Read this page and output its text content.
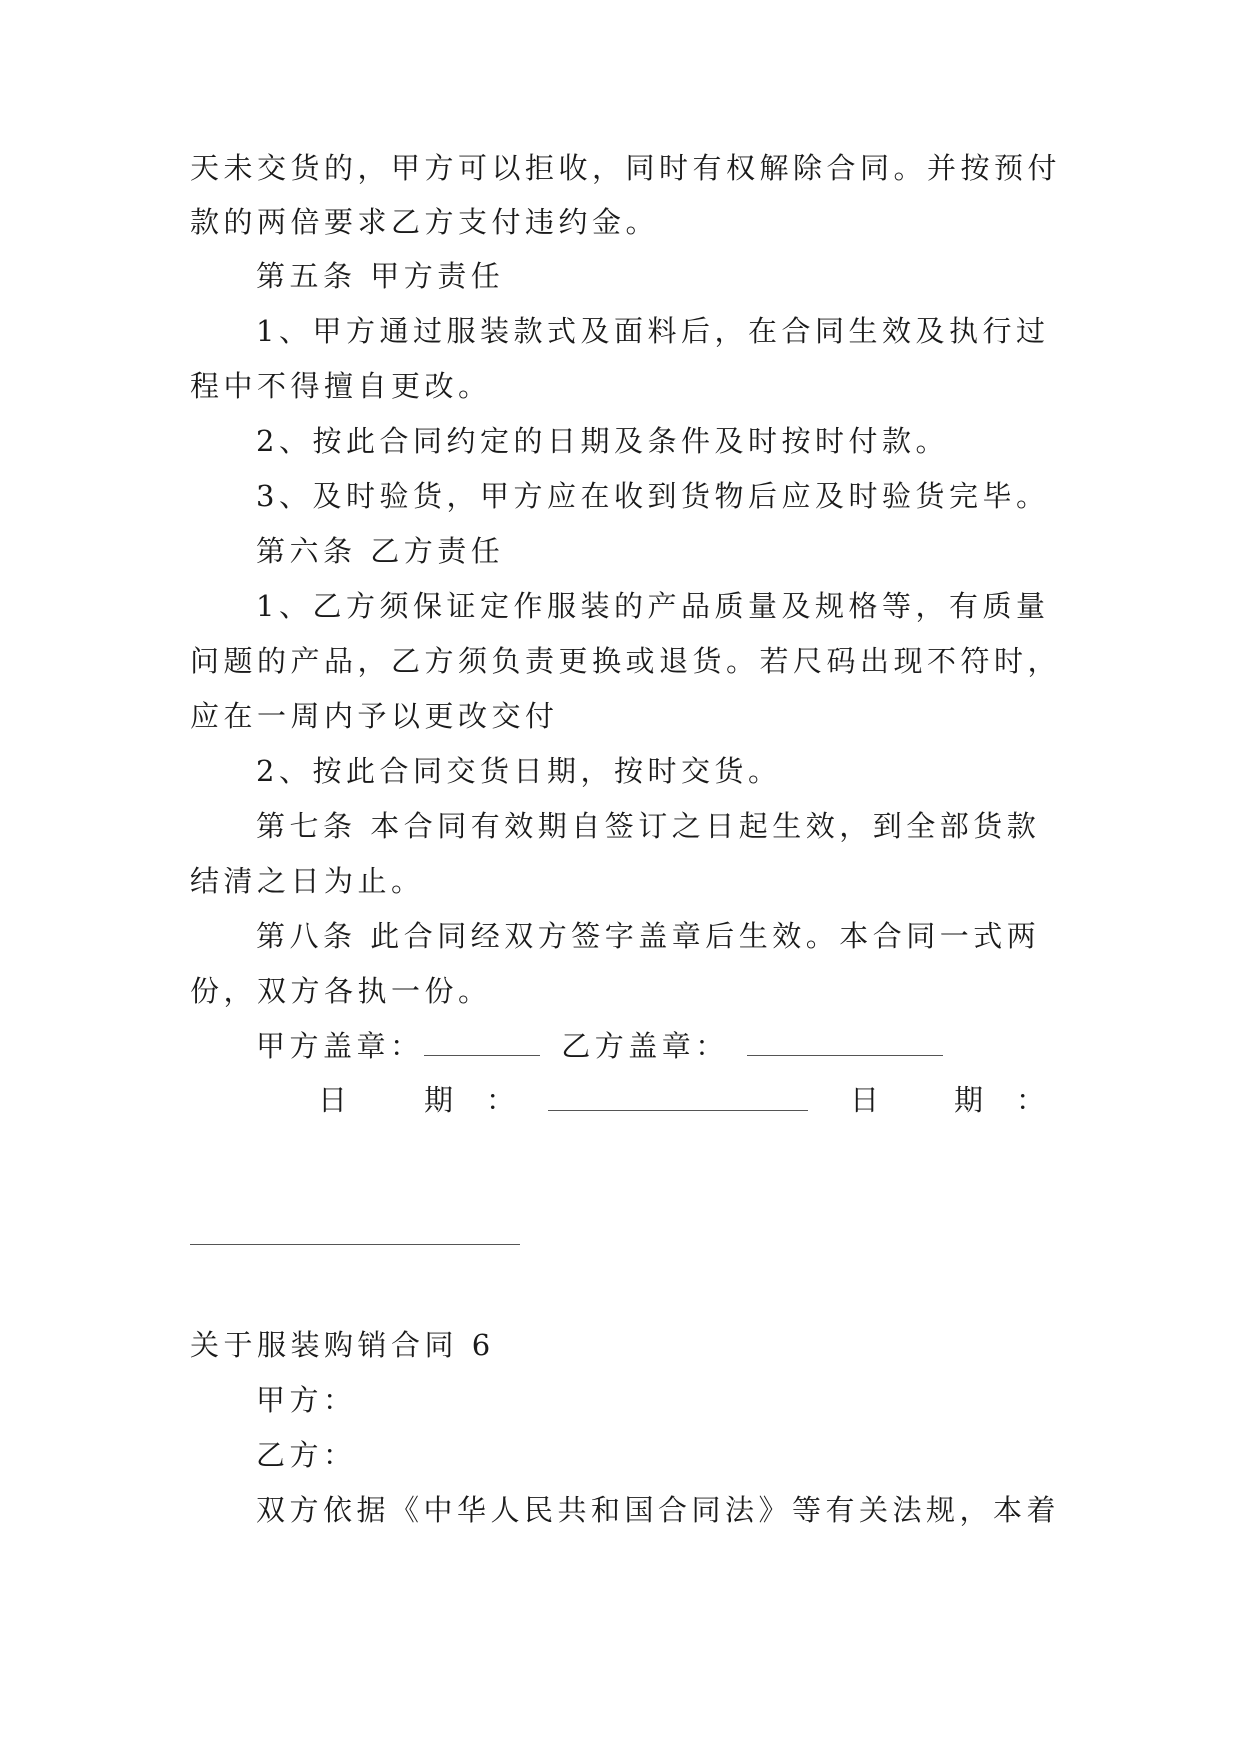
天未交货的，甲方可以拒收，同时有权解除合同。并按预付
款的两倍要求乙方支付违约金。
第五条 甲方责任
1、甲方通过服装款式及面料后，在合同生效及执行过
程中不得擅自更改。
2、按此合同约定的日期及条件及时按时付款。
3、及时验货，甲方应在收到货物后应及时验货完毕。
第六条 乙方责任
1、乙方须保证定作服装的产品质量及规格等，有质量
问题的产品，乙方须负责更换或退货。若尺码出现不符时，
应在一周内予以更改交付
2、按此合同交货日期，按时交货。
第七条 本合同有效期自签订之日起生效，到全部货款
结清之日为止。
第八条 此合同经双方签字盖章后生效。本合同一式两
份，双方各执一份。
甲方盖章：	乙方盖章：
日	期 ：	日	期 ：
关于服装购销合同 6
甲方：
乙方：
双方依据《中华人民共和国合同法》等有关法规，本着
